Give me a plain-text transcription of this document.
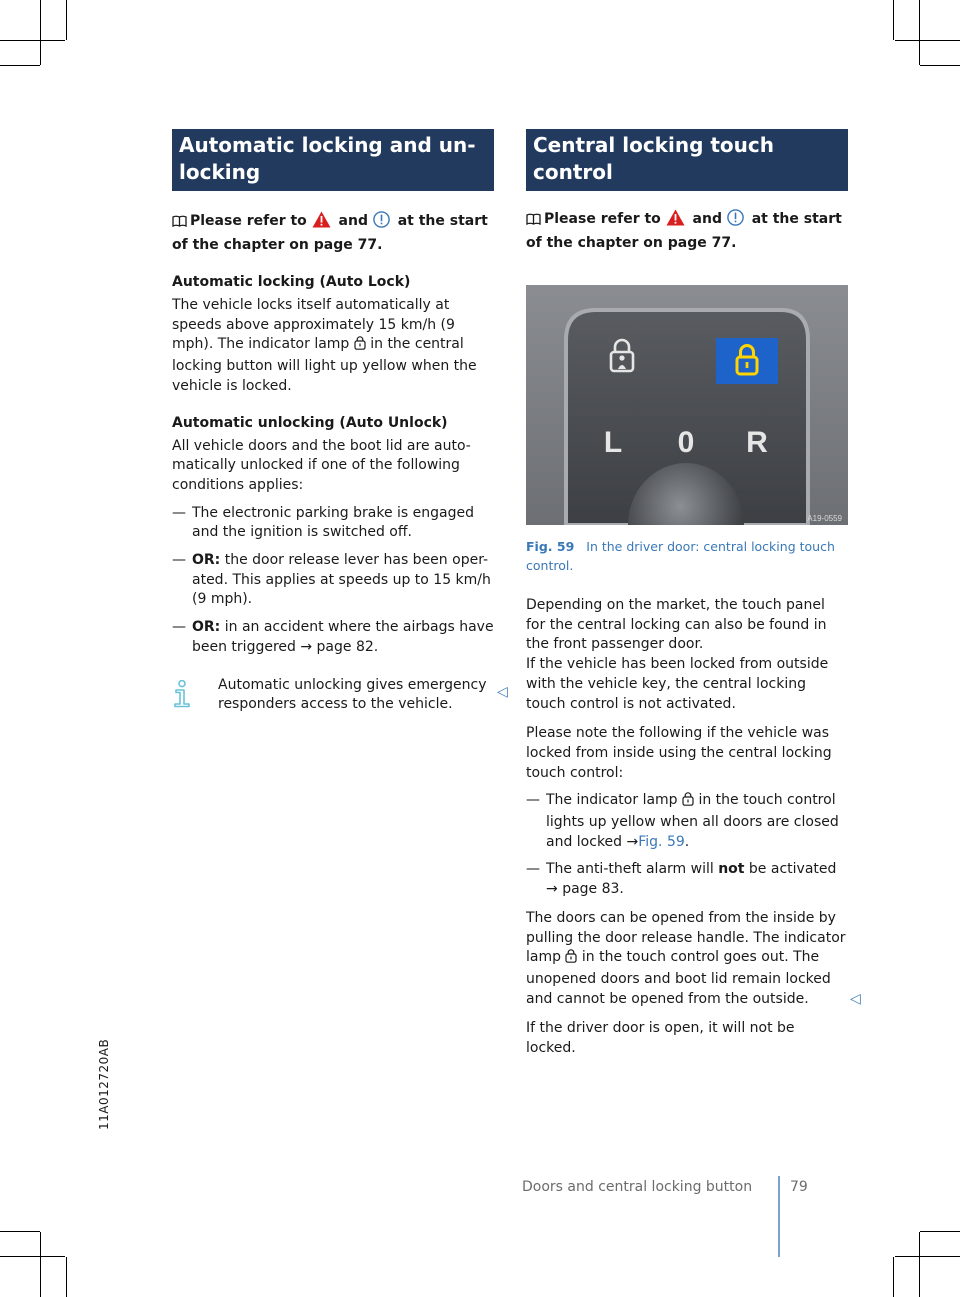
Automatic locking and un-locking

Please refer to and at the start of the chapter on page 77.

Automatic locking (Auto Lock)

The vehicle locks itself automatically at speeds above approximately 15 km/h (9 mph). The indicator lamp in the central locking button will light up yellow when the vehicle is locked.

Automatic unlocking (Auto Unlock)

All vehicle doors and the boot lid are auto-matically unlocked if one of the following conditions applies:

— The electronic parking brake is engaged and the ignition is switched off.
— OR: the door release lever has been oper-ated. This applies at speeds up to 15 km/h (9 mph).
— OR: in an accident where the airbags have been triggered → page 82.
Automatic unlocking gives emergency responders access to the vehicle.
◁
Central locking touch control

Please refer to and at the start of the chapter on page 77.

L 0 R
A19-0559
Fig. 59 In the driver door: central locking touch control.

Depending on the market, the touch panel for the central locking can also be found in the front passenger door.

If the vehicle has been locked from outside with the vehicle key, the central locking touch control is not activated.

Please note the following if the vehicle was locked from inside using the central locking touch control:

— The indicator lamp in the touch control lights up yellow when all doors are closed and locked →Fig. 59.
— The anti-theft alarm will not be activated
→ page 83.

The doors can be opened from the inside by pulling the door release handle. The indicator lamp in the touch control goes out. The unopened doors and boot lid remain locked and cannot be opened from the outside.

If the driver door is open, it will not be locked.

◁
11A012720AB
Doors and central locking button	79
